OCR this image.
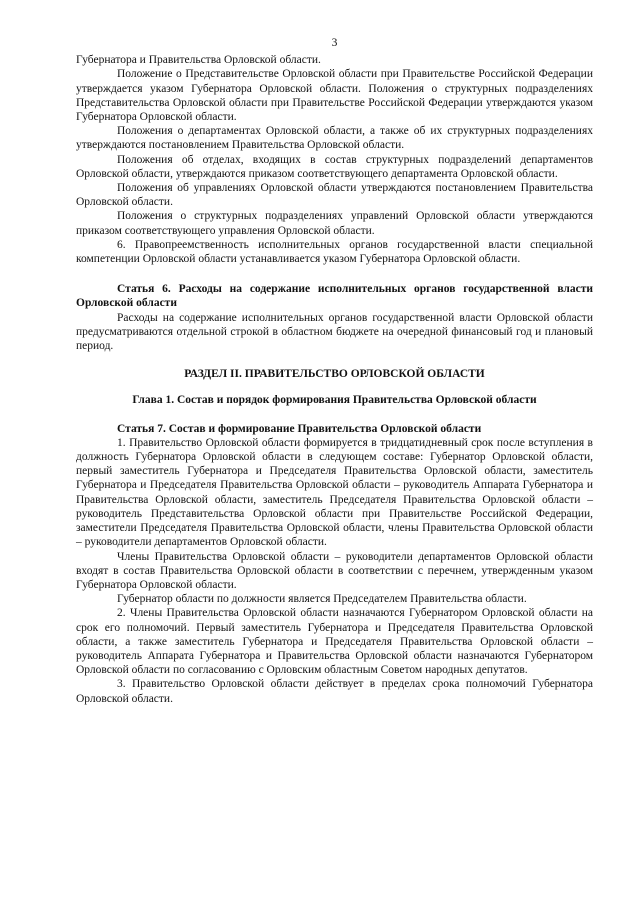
3

Губернатора и Правительства Орловской области.

Положение о Представительстве Орловской области при Правительстве Российской Федерации утверждается указом Губернатора Орловской области. Положения о структурных подразделениях Представительства Орловской области при Правительстве Российской Федерации утверждаются указом Губернатора Орловской области.

Положения о департаментах Орловской области, а также об их структурных подразделениях утверждаются постановлением Правительства Орловской области.

Положения об отделах, входящих в состав структурных подразделений департаментов Орловской области, утверждаются приказом соответствующего департамента Орловской области.

Положения об управлениях Орловской области утверждаются постановлением Правительства Орловской области.

Положения о структурных подразделениях управлений Орловской области утверждаются приказом соответствующего управления Орловской области.

6. Правопреемственность исполнительных органов государственной власти специальной компетенции Орловской области устанавливается указом Губернатора Орловской области.

Статья 6. Расходы на содержание исполнительных органов государственной власти Орловской области

Расходы на содержание исполнительных органов государственной власти Орловской области предусматриваются отдельной строкой в областном бюджете на очередной финансовый год и плановый период.

РАЗДЕЛ II. ПРАВИТЕЛЬСТВО ОРЛОВСКОЙ ОБЛАСТИ

Глава 1. Состав и порядок формирования Правительства Орловской области

Статья 7. Состав и формирование Правительства Орловской области

1. Правительство Орловской области формируется в тридцатидневный срок после вступления в должность Губернатора Орловской области в следующем составе: Губернатор Орловской области, первый заместитель Губернатора и Председателя Правительства Орловской области, заместитель Губернатора и Председателя Правительства Орловской области – руководитель Аппарата Губернатора и Правительства Орловской области, заместитель Председателя Правительства Орловской области – руководитель Представительства Орловской области при Правительстве Российской Федерации, заместители Председателя Правительства Орловской области, члены Правительства Орловской области – руководители департаментов Орловской области.

Члены Правительства Орловской области – руководители департаментов Орловской области входят в состав Правительства Орловской области в соответствии с перечнем, утвержденным указом Губернатора Орловской области.

Губернатор области по должности является Председателем Правительства области.

2. Члены Правительства Орловской области назначаются Губернатором Орловской области на срок его полномочий. Первый заместитель Губернатора и Председателя Правительства Орловской области, а также заместитель Губернатора и Председателя Правительства Орловской области – руководитель Аппарата Губернатора и Правительства Орловской области назначаются Губернатором Орловской области по согласованию с Орловским областным Советом народных депутатов.

3. Правительство Орловской области действует в пределах срока полномочий Губернатора Орловской области.
